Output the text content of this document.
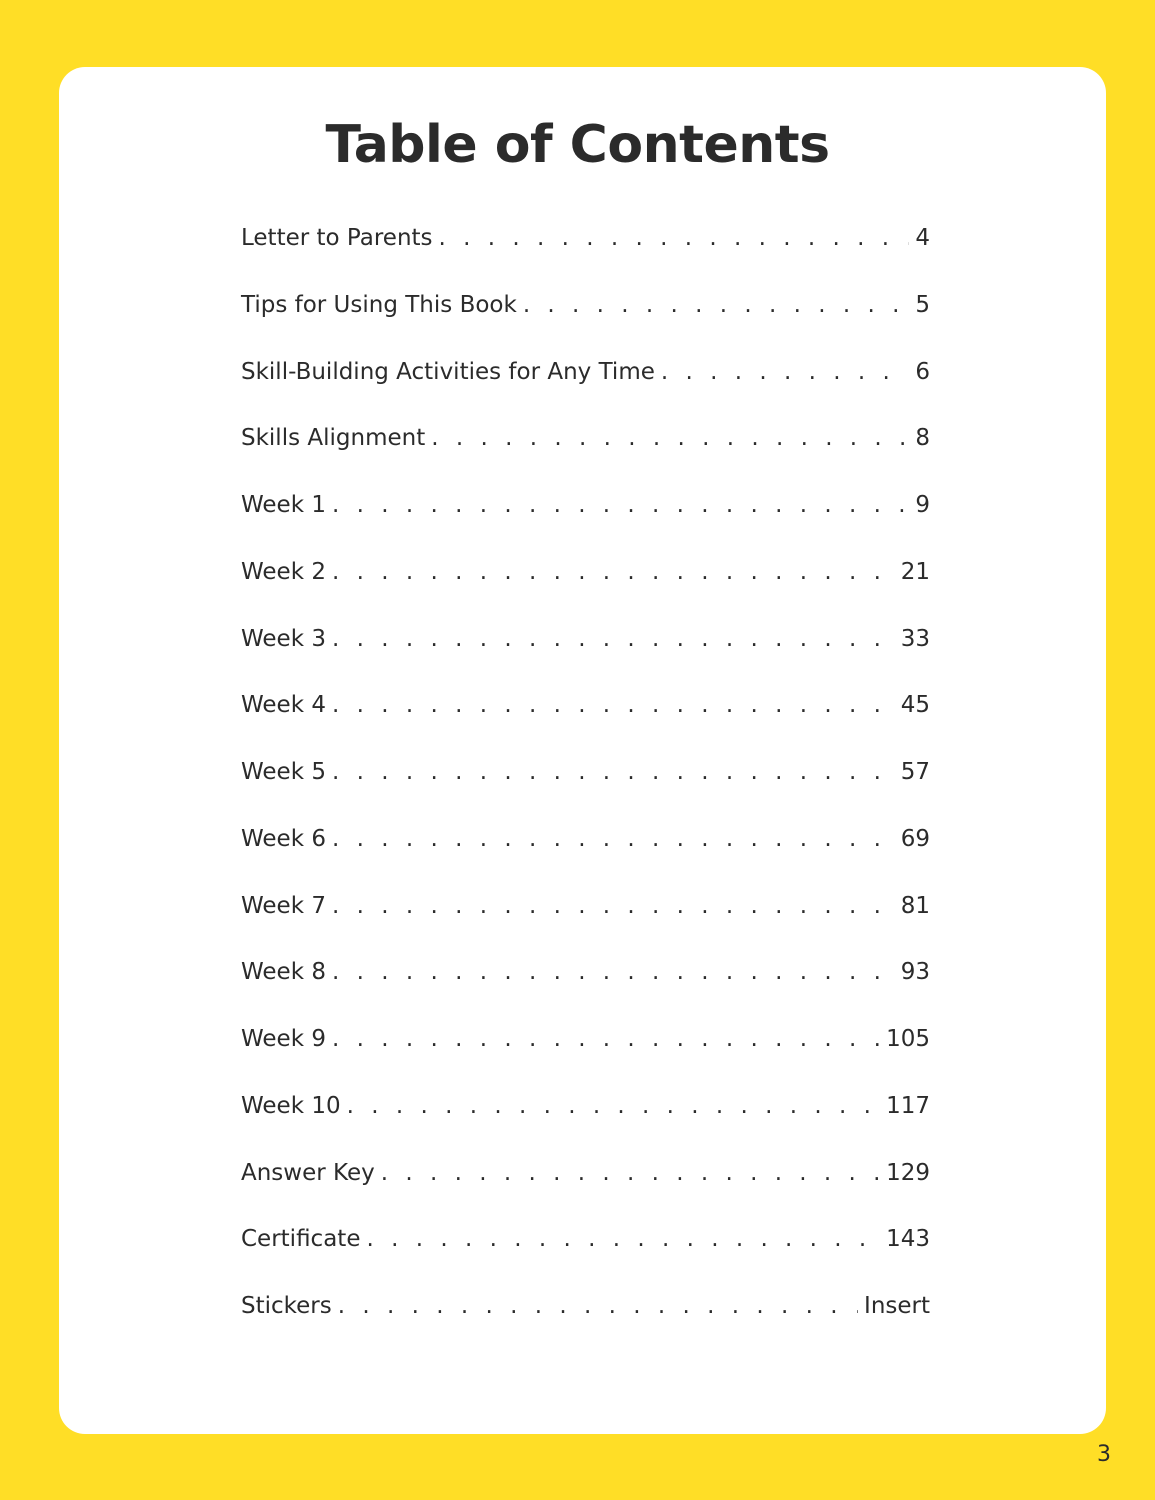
Table of Contents
Letter to Parents . . .	4
Tips for Using This Book . . .	5
Skill-Building Activities for Any Time . . .	6
Skills Alignment . . .	8
Week 1 . . .	9
Week 2 . . .	21
Week 3 . . .	33
Week 4 . . .	45
Week 5 . . .	57
Week 6 . . .	69
Week 7 . . .	81
Week 8 . . .	93
Week 9 . . .	105
Week 10 . . .	117
Answer Key . . .	129
Certificate . . .	143
Stickers . . .	Insert
3
